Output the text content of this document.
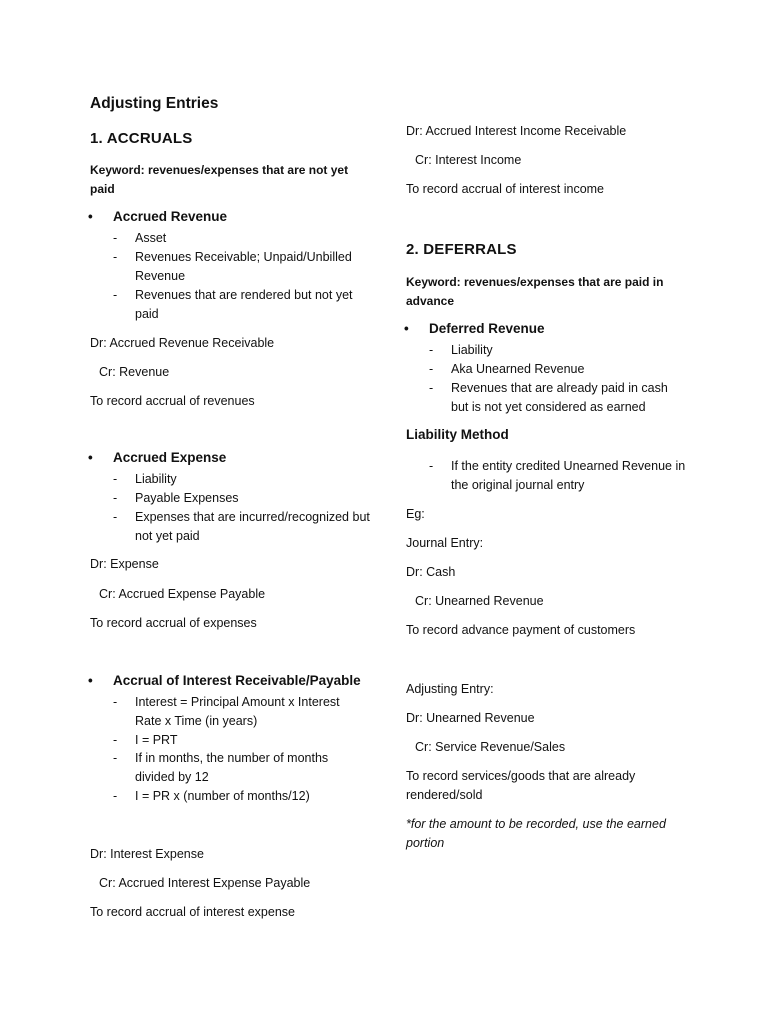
Adjusting Entries
1. ACCRUALS
Keyword: revenues/expenses that are not yet paid
• Accrued Revenue
- Asset
- Revenues Receivable; Unpaid/Unbilled Revenue
- Revenues that are rendered but not yet paid
Dr: Accrued Revenue Receivable
Cr: Revenue
To record accrual of revenues
• Accrued Expense
- Liability
- Payable Expenses
- Expenses that are incurred/recognized but not yet paid
Dr: Expense
Cr: Accrued Expense Payable
To record accrual of expenses
• Accrual of Interest Receivable/Payable
- Interest = Principal Amount x Interest Rate x Time (in years)
- I = PRT
- If in months, the number of months divided by 12
- I = PR x (number of months/12)
Dr: Interest Expense
Cr: Accrued Interest Expense Payable
To record accrual of interest expense
Dr: Accrued Interest Income Receivable
Cr: Interest Income
To record accrual of interest income
2. DEFERRALS
Keyword: revenues/expenses that are paid in advance
• Deferred Revenue
- Liability
- Aka Unearned Revenue
- Revenues that are already paid in cash but is not yet considered as earned
Liability Method
- If the entity credited Unearned Revenue in the original journal entry
Eg:
Journal Entry:
Dr: Cash
Cr: Unearned Revenue
To record advance payment of customers
Adjusting Entry:
Dr: Unearned Revenue
Cr: Service Revenue/Sales
To record services/goods that are already rendered/sold
*for the amount to be recorded, use the earned portion
